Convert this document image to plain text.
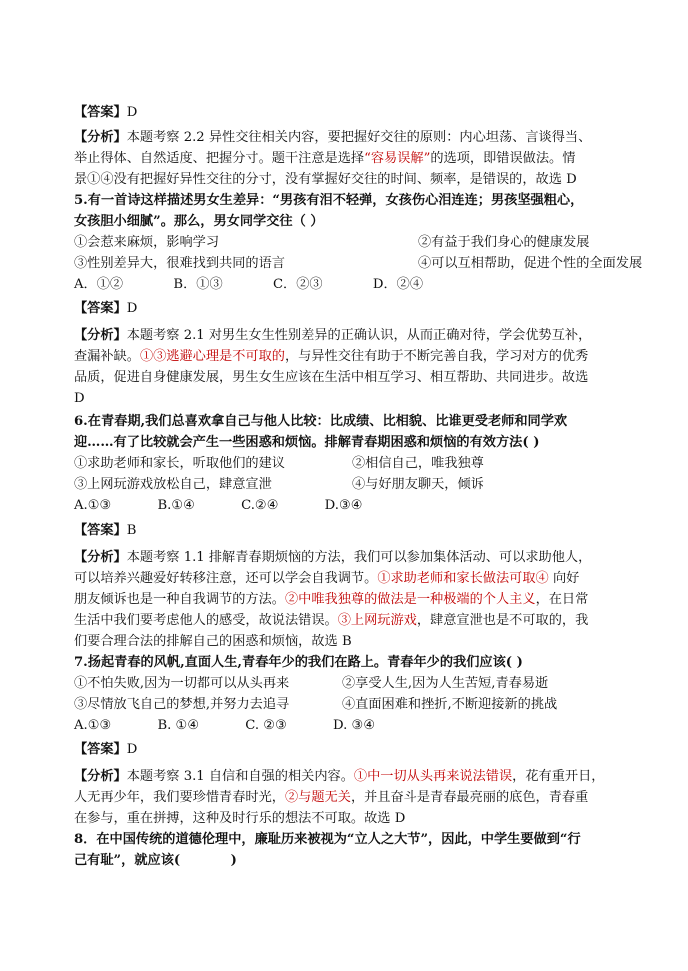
【答案】D
【分析】本题考察 2.2 异性交往相关内容，要把握好交往的原则：内心坦荡、言谈得当、
举止得体、自然适度、把握分寸。题干注意是选择“容易误解”的选项，即错误做法。情
景①④没有把握好异性交往的分寸，没有掌握好交往的时间、频率，是错误的，故选 D
5.有一首诗这样描述男女生差异：“男孩有泪不轻弹，女孩伤心泪连连；男孩坚强粗心，
女孩胆小细腻”。那么，男女同学交往（ ）
①会惹来麻烦，影响学习	②有益于我们身心的健康发展
③性别差异大，很难找到共同的语言	④可以互相帮助，促进个性的全面发展
A．①②            B．①③            C．②③            D．②④
【答案】D
【分析】本题考察 2.1 对男生女生性别差异的正确认识，从而正确对待，学会优势互补，
查漏补缺。①③逃避心理是不可取的，与异性交往有助于不断完善自我，学习对方的优秀
品质，促进自身健康发展，男生女生应该在生活中相互学习、相互帮助、共同进步。故选
D
6.在青春期,我们总喜欢拿自己与他人比较：比成绩、比相貌、比谁更受老师和同学欢
迎……有了比较就会产生一些困惑和烦恼。排解青春期困惑和烦恼的有效方法( )
①求助老师和家长，听取他们的建议	②相信自己，唯我独尊
③上网玩游戏放松自己，肆意宣泄	④与好朋友聊天，倾诉
A.①③           B.①④           C.②④           D.③④
【答案】B
【分析】本题考察 1.1 排解青春期烦恼的方法，我们可以参加集体活动、可以求助他人，
可以培养兴趣爱好转移注意，还可以学会自我调节。①求助老师和家长做法可取④ 向好
朋友倾诉也是一种自我调节的方法。②中唯我独尊的做法是一种极端的个人主义，在日常
生活中我们要考虑他人的感受，故说法错误。③上网玩游戏，肆意宣泄也是不可取的，我
们要合理合法的排解自己的困惑和烦恼，故选 B
7.扬起青春的风帆,直面人生,青春年少的我们在路上。青春年少的我们应该( )
①不怕失败,因为一切都可以从头再来	②享受人生,因为人生苦短,青春易逝
③尽情放飞自己的梦想,并努力去追寻	④直面困难和挫折,不断迎接新的挑战
A.①③           B. ①④           C. ②③           D. ③④
【答案】D
【分析】本题考察 3.1 自信和自强的相关内容。①中一切从头再来说法错误，花有重开日，
人无再少年，我们要珍惜青春时光，②与题无关，并且奋斗是青春最亮丽的底色，青春重
在参与，重在拼搏，这种及时行乐的想法不可取。故选 D
8．在中国传统的道德伦理中，廉耻历来被视为“立人之大节”，因此，中学生要做到“行
己有耻”，就应该(           )
